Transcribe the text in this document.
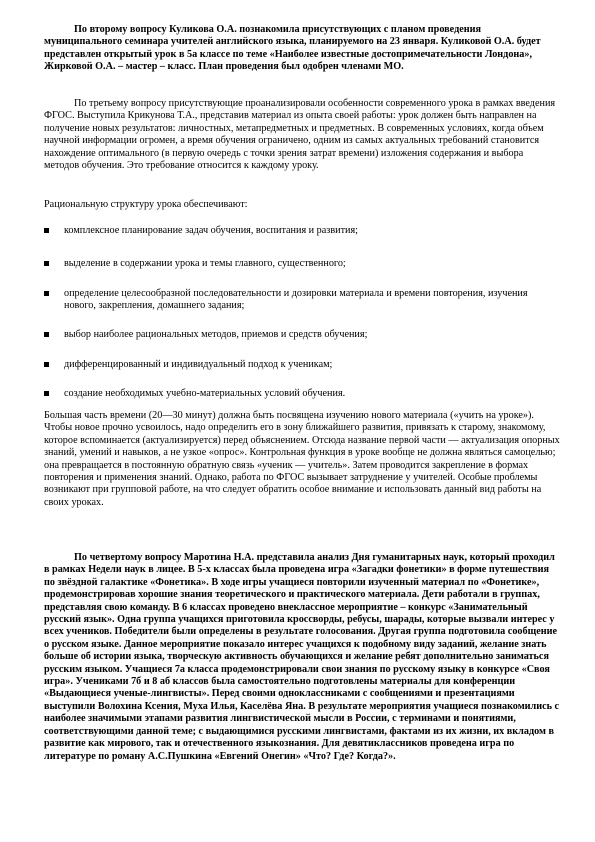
По второму вопросу Куликова О.А. познакомила присутствующих с планом проведения муниципального семинара учителей английского языка, планируемого на 23 января. Куликовой О.А. будет представлен открытый урок в 5а классе по теме «Наиболее известные достопримечательности Лондона», Жирковой О.А. – мастер – класс. План проведения был одобрен членами МО.

По третьему вопросу присутствующие проанализировали особенности современного урока в рамках введения ФГОС. Выступила Крикунова Т.А., представив материал из опыта своей работы: урок должен быть направлен на получение новых результатов: личностных, метапредметных и предметных. В современных условиях, когда объем научной информации огромен, а время обучения ограничено, одним из самых актуальных требований становится нахождение оптимального (в первую очередь с точки зрения затрат времени) изложения содержания и выбора методов обучения. Это требование относится к каждому уроку.

Рациональную структуру урока обеспечивают:

комплексное планирование задач обучения, воспитания и развития;
выделение в содержании урока и темы главного, существенного;
определение целесообразной последовательности и дозировки материала и времени повторения, изучения нового, закрепления, домашнего задания;
выбор наиболее рациональных методов, приемов и средств обучения;
дифференцированный и индивидуальный подход к ученикам;
создание необходимых учебно-материальных условий обучения.

Большая часть времени (20—30 минут) должна быть посвящена изучению нового материала («учить на уроке»). Чтобы новое прочно усвоилось, надо определить его в зону ближайшего развития, привязать к старому, знакомому, которое вспоминается (актуализируется) перед объяснением. Отсюда название первой части — актуализация опорных знаний, умений и навыков, а не узкое «опрос». Контрольная функция в уроке вообще не должна являться самоцелью; она превращается в постоянную обратную связь «ученик — учитель». Затем проводится закрепление в формах повторения и применения знаний. Однако, работа по ФГОС вызывает затруднение у учителей. Особые проблемы возникают при групповой работе, на что следует обратить особое внимание и использовать данный вид работы на своих уроках.

По четвертому вопросу Маротина Н.А. представила анализ Дня гуманитарных наук, который проходил в рамках Недели наук в лицее. В 5-х классах была проведена игра «Загадки фонетики» в форме путешествия по звёздной галактике «Фонетика». В ходе игры учащиеся повторили изученный материал по «Фонетике», продемонстрировав хорошие знания теоретического и практического материала. Дети работали в группах, представляя свою команду. В 6 классах проведено внеклассное мероприятие – конкурс «Занимательный русский язык». Одна группа учащихся приготовила кроссворды, ребусы, шарады, которые вызвали интерес у всех учеников. Победители были определены в результате голосования. Другая группа подготовила сообщение о русском языке. Данное мероприятие показало интерес учащихся к подобному виду заданий, желание знать больше об истории языка, творческую активность обучающихся и желание ребят дополнительно заниматься русским языком. Учащиеся 7а класса продемонстрировали свои знания по русскому языку в конкурсе «Своя игра». Учениками 7б и 8 аб классов была самостоятельно подготовлены материалы для конференции «Выдающиеся ученые-лингвисты». Перед своими одноклассниками с сообщениями и презентациями выступили Волохина Ксения, Муха Илья, Каселёва Яна. В результате мероприятия учащиеся познакомились с наиболее значимыми этапами развития лингвистической мысли в России, с терминами и понятиями, соответствующими данной теме; с выдающимися русскими лингвистами, фактами из их жизни, их вкладом в развитие как мирового, так и отечественного языкознания. Для девятиклассников проведена игра по литературе по роману А.С.Пушкина «Евгений Онегин» «Что? Где? Когда?».
